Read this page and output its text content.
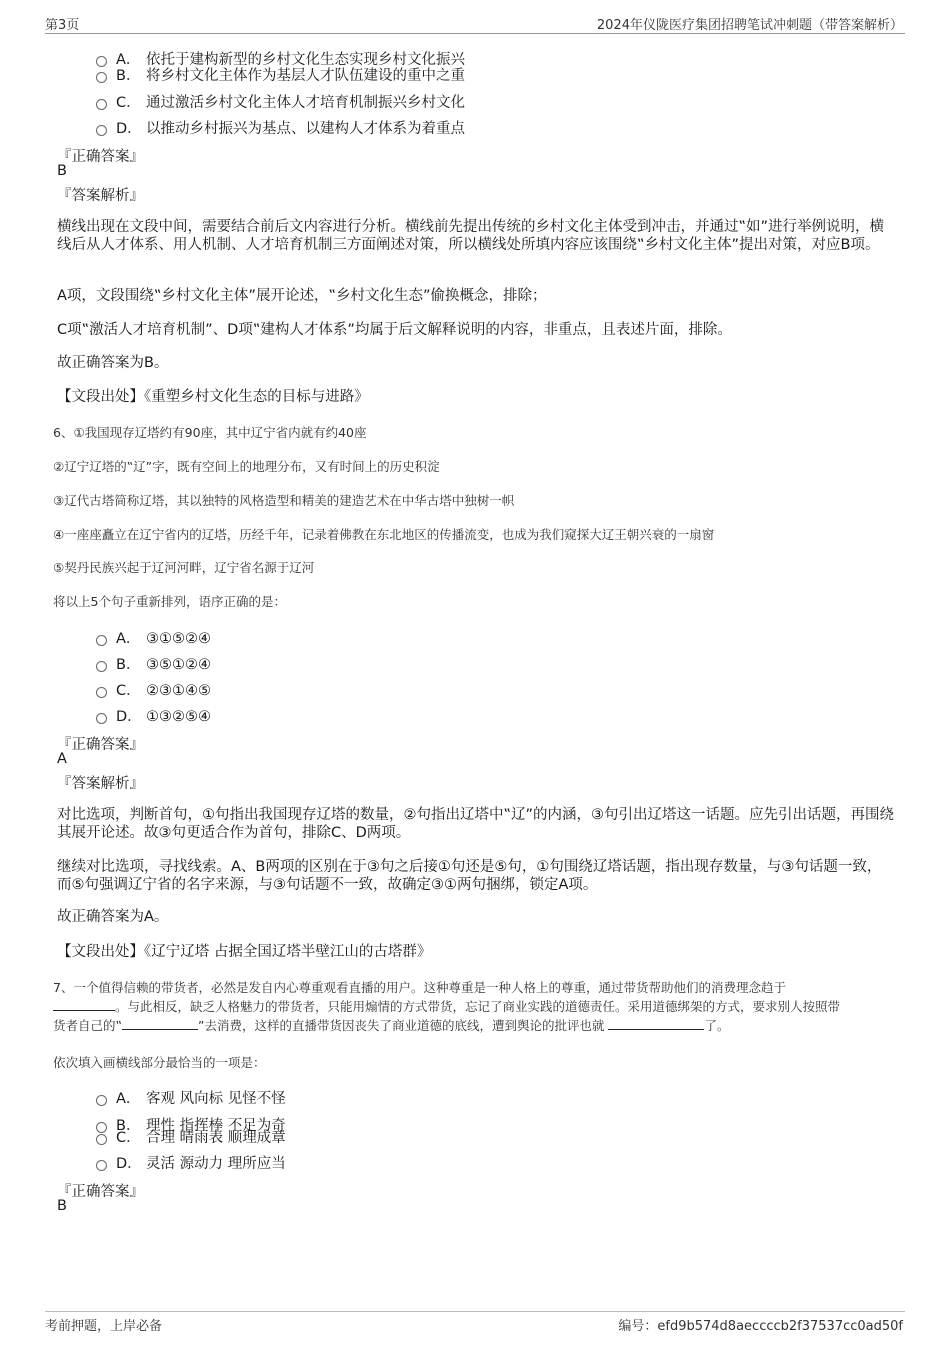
第3页	2024年仪陇医疗集团招聘笔试冲刺题（带答案解析）
A． 依托于建构新型的乡村文化生态实现乡村文化振兴
B． 将乡村文化主体作为基层人才队伍建设的重中之重
C． 通过激活乡村文化主体人才培育机制振兴乡村文化
D． 以推动乡村振兴为基点、以建构人才体系为着重点
『正确答案』
B
『答案解析』
横线出现在文段中间，需要结合前后文内容进行分析。横线前先提出传统的乡村文化主体受到冲击，并通过‟如”进行举例说明，横线后从人才体系、用人机制、人才培育机制三方面阐述对策，所以横线处所填内容应该围绕‟乡村文化主体”提出对策，对应B项。
A项，文段围绕‟乡村文化主体”展开论述，‟乡村文化生态”偷换概念，排除；
C项‟激活人才培育机制”、D项‟建构人才体系”均属于后文解释说明的内容，非重点，且表述片面，排除。
故正确答案为B。
【文段出处】《重塑乡村文化生态的目标与进路》
6、①我国现存辽塔约有90座，其中辽宁省内就有约40座
②辽宁辽塔的‟辽”字，既有空间上的地理分布，又有时间上的历史积淀
③辽代古塔简称辽塔，其以独特的风格造型和精美的建造艺术在中华古塔中独树一帜
④一座座矗立在辽宁省内的辽塔，历经千年，记录着佛教在东北地区的传播流变，也成为我们窥探大辽王朝兴衰的一扇窗
⑤契丹民族兴起于辽河河畔，辽宁省名源于辽河
将以上5个句子重新排列，语序正确的是：
A． ③①⑤②④
B． ③⑤①②④
C． ②③①④⑤
D． ①③②⑤④
『正确答案』
A
『答案解析』
对比选项，判断首句，①句指出我国现存辽塔的数量，②句指出辽塔中‟辽”的内涵，③句引出辽塔这一话题。应先引出话题，再围绕其展开论述。故③句更适合作为首句，排除C、D两项。
继续对比选项，寻找线索。A、B两项的区别在于③句之后接①句还是⑤句，①句围绕辽塔话题，指出现存数量，与③句话题一致，而⑤句强调辽宁省的名字来源，与③句话题不一致，故确定③①两句捆绑，锁定A项。
故正确答案为A。
【文段出处】《辽宁辽塔 占据全国辽塔半壁江山的古塔群》
7、一个值得信赖的带货者，必然是发自内心尊重观看直播的用户。这种尊重是一种人格上的尊重，通过带货帮助他们的消费理念趋于
。与此相反，缺乏人格魅力的带货者，只能用煽情的方式带货，忘记了商业实践的道德责任。采用道德绑架的方式，要求别人按照带
货者自己的‟	”去消费，这样的直播带货因丧失了商业道德的底线，遭到舆论的批评也就	了。
依次填入画横线部分最恰当的一项是：
A． 客观 风向标 见怪不怪
B． 理性 指挥棒 不足为奇
C． 合理 晴雨表 顺理成章
D． 灵活 源动力 理所应当
『正确答案』
B
考前押题，上岸必备	编号：efd9b574d8aeccccb2f37537cc0ad50f
